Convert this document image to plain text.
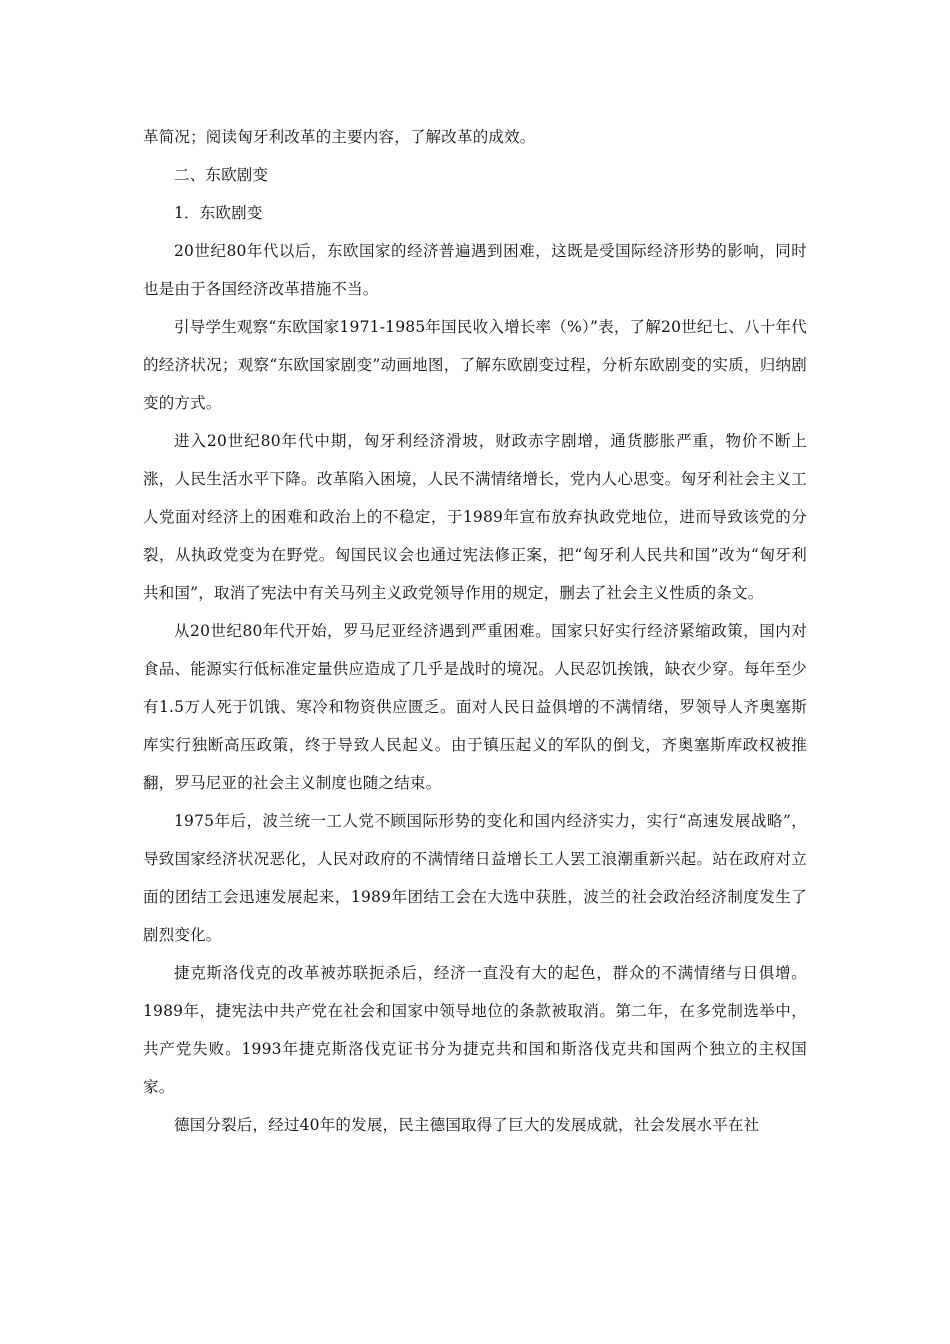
革简况；阅读匈牙利改革的主要内容，了解改革的成效。

二、东欧剧变

1．东欧剧变

20世纪80年代以后，东欧国家的经济普遍遇到困难，这既是受国际经济形势的影响，同时也是由于各国经济改革措施不当。

引导学生观察“东欧国家1971-1985年国民收入增长率（%）”表，了解20世纪七、八十年代的经济状况；观察“东欧国家剧变”动画地图，了解东欧剧变过程，分析东欧剧变的实质，归纳剧变的方式。

进入20世纪80年代中期，匈牙利经济滑坡，财政赤字剧增，通货膨胀严重，物价不断上涨，人民生活水平下降。改革陷入困境，人民不满情绪增长，党内人心思变。匈牙利社会主义工人党面对经济上的困难和政治上的不稳定，于1989年宣布放弃执政党地位，进而导致该党的分裂，从执政党变为在野党。匈国民议会也通过宪法修正案，把“匈牙利人民共和国”改为“匈牙利共和国”，取消了宪法中有关马列主义政党领导作用的规定，删去了社会主义性质的条文。

从20世纪80年代开始，罗马尼亚经济遇到严重困难。国家只好实行经济紧缩政策，国内对食品、能源实行低标准定量供应造成了几乎是战时的境况。人民忍饥挨饿，缺衣少穿。每年至少有1.5万人死于饥饿、寒冷和物资供应匮乏。面对人民日益俱增的不满情绪，罗领导人齐奥塞斯库实行独断高压政策，终于导致人民起义。由于镇压起义的军队的倒戈，齐奥塞斯库政权被推翻，罗马尼亚的社会主义制度也随之结束。

1975年后，波兰统一工人党不顾国际形势的变化和国内经济实力，实行“高速发展战略”，导致国家经济状况恶化，人民对政府的不满情绪日益增长工人罢工浪潮重新兴起。站在政府对立面的团结工会迅速发展起来，1989年团结工会在大选中获胜，波兰的社会政治经济制度发生了剧烈变化。

捷克斯洛伐克的改革被苏联扼杀后，经济一直没有大的起色，群众的不满情绪与日俱增。1989年，捷宪法中共产党在社会和国家中领导地位的条款被取消。第二年，在多党制选举中，共产党失败。1993年捷克斯洛伐克证书分为捷克共和国和斯洛伐克共和国两个独立的主权国家。

德国分裂后，经过40年的发展，民主德国取得了巨大的发展成就，社会发展水平在社
